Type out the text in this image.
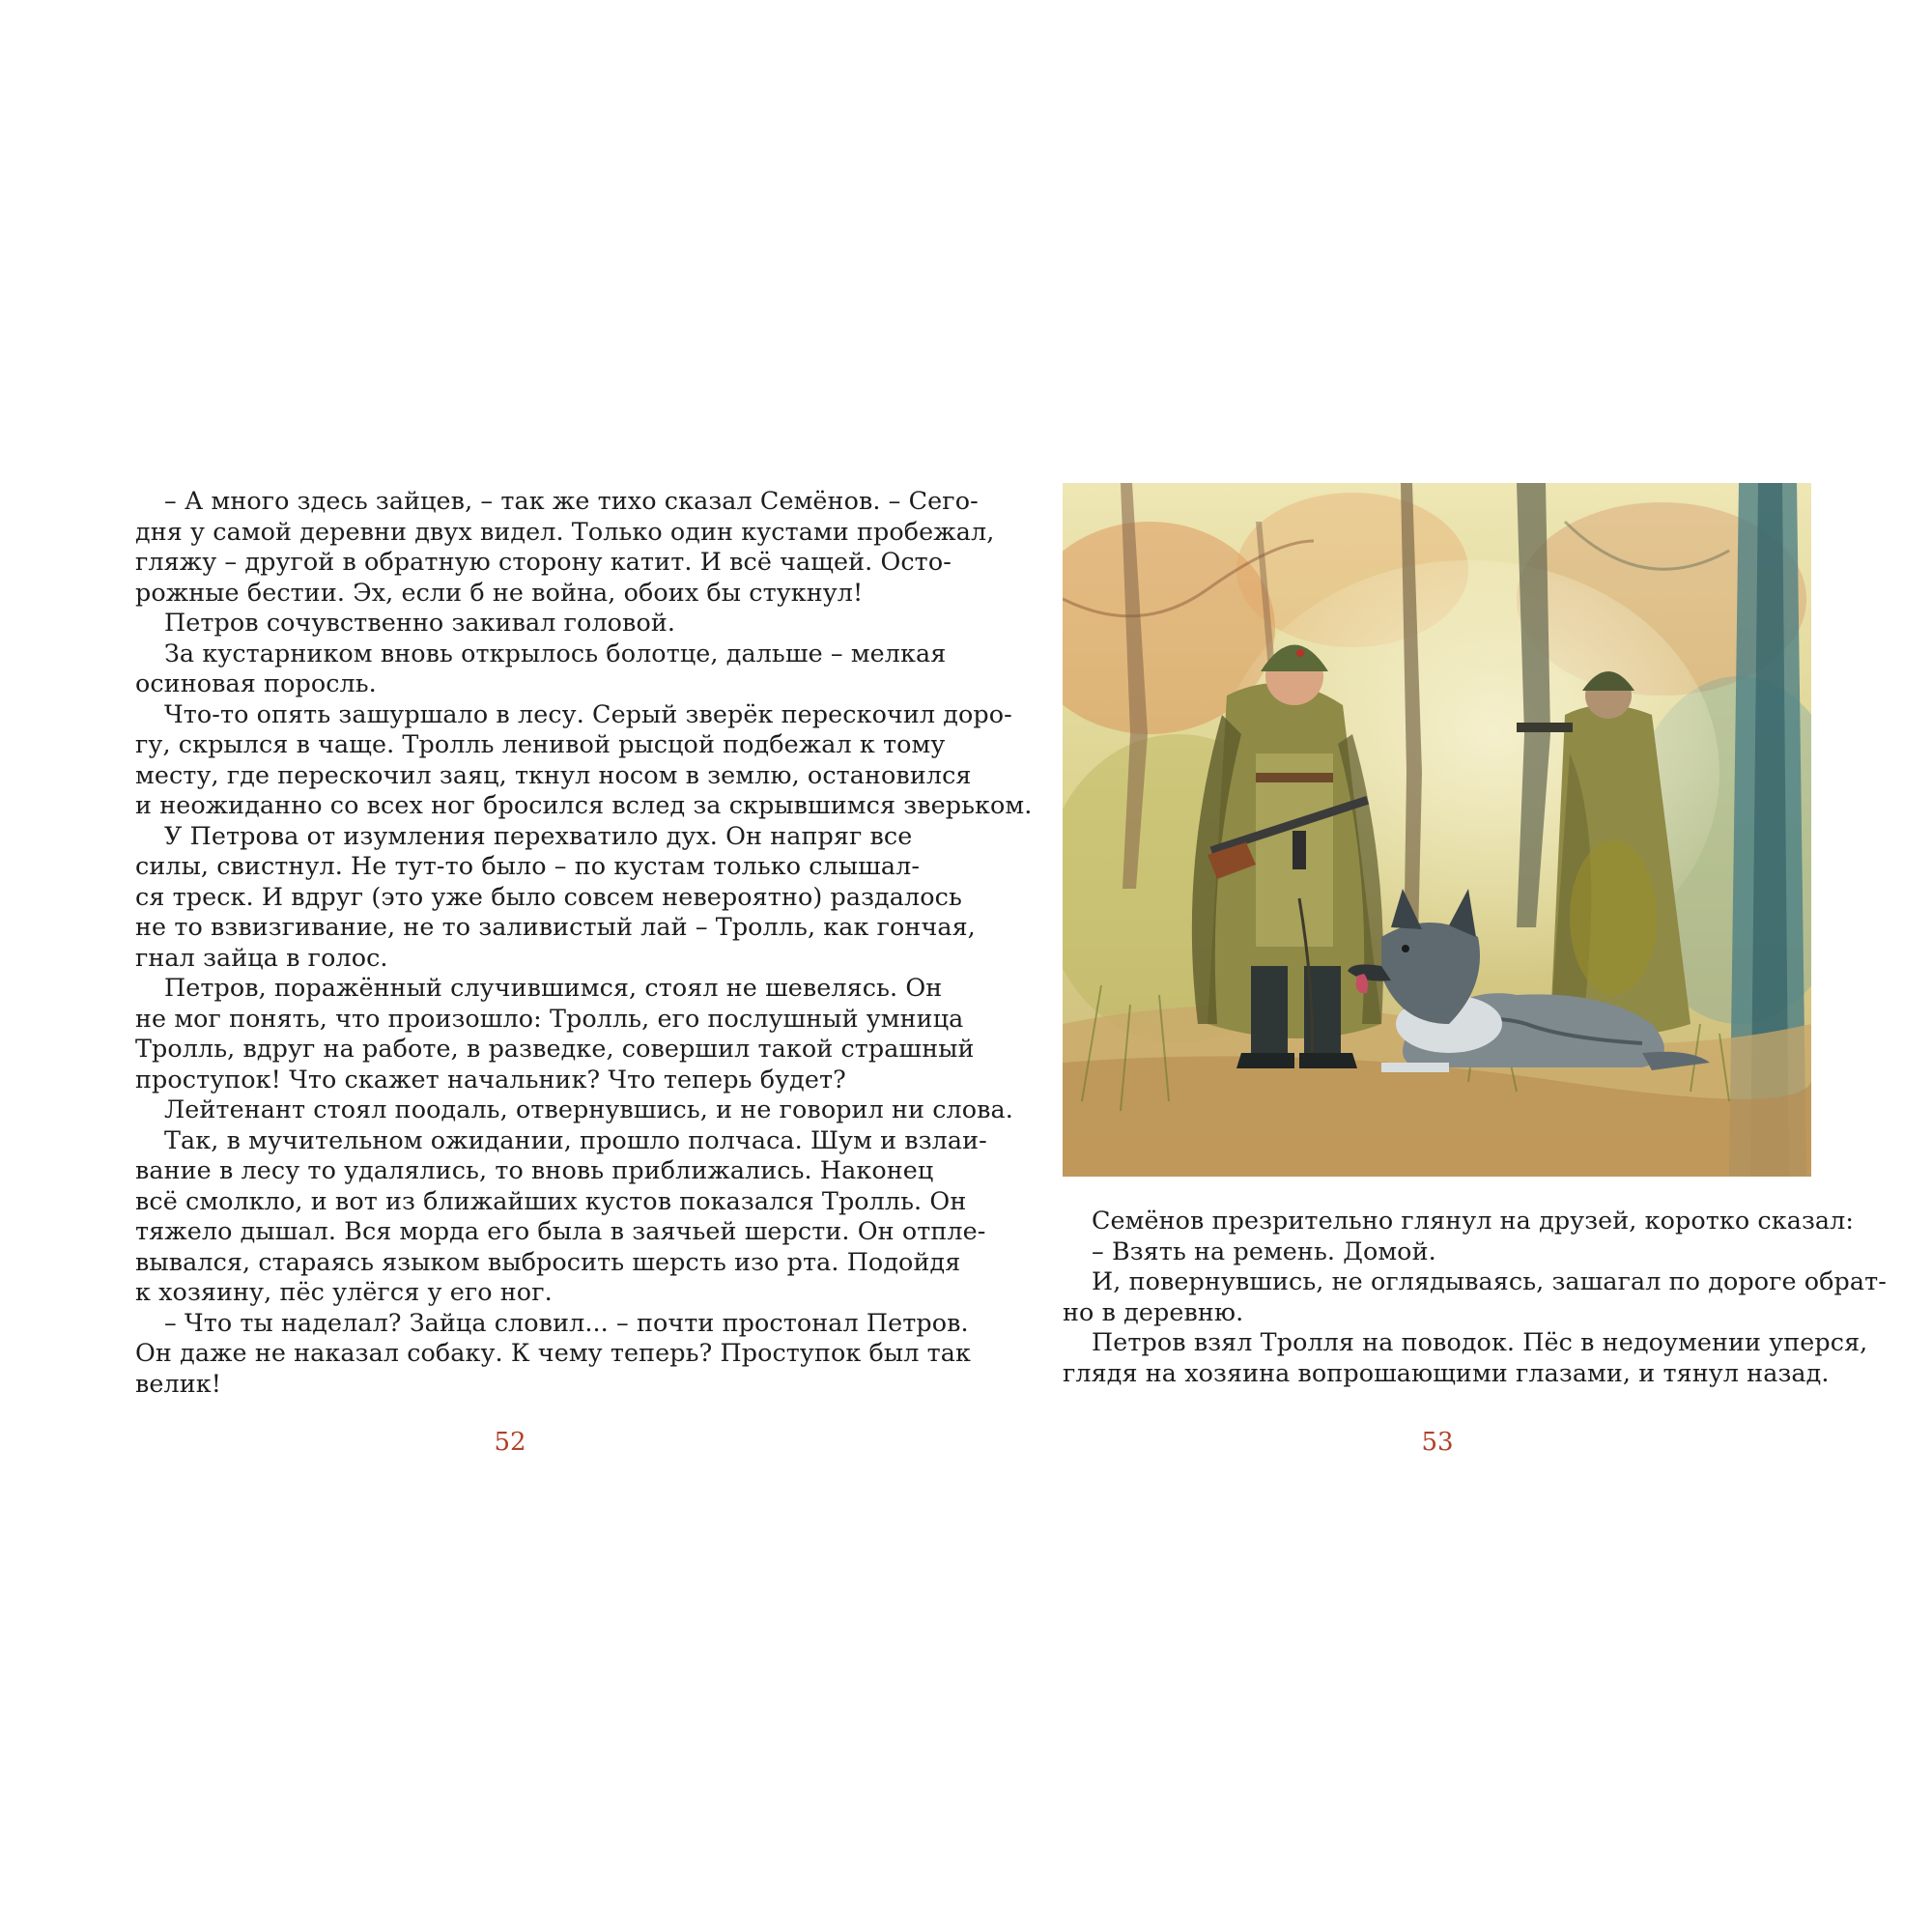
– А много здесь зайцев, – так же тихо сказал Семёнов. – Сего-
дня у самой деревни двух видел. Только один кустами пробежал,
гляжу – другой в обратную сторону катит. И всё чащей. Осто-
рожные бестии. Эх, если б не война, обоих бы стукнул!
Петров сочувственно закивал головой.
За кустарником вновь открылось болотце, дальше – мелкая
осиновая поросль.
Что-то опять зашуршало в лесу. Серый зверёк перескочил доро-
гу, скрылся в чаще. Тролль ленивой рысцой подбежал к тому
месту, где перескочил заяц, ткнул носом в землю, остановился
и неожиданно со всех ног бросился вслед за скрывшимся зверьком.
У Петрова от изумления перехватило дух. Он напряг все
силы, свистнул. Не тут-то было – по кустам только слышал-
ся треск. И вдруг (это уже было совсем невероятно) раздалось
не то взвизгивание, не то заливистый лай – Тролль, как гончая,
гнал зайца в голос.
Петров, поражённый случившимся, стоял не шевелясь. Он
не мог понять, что произошло: Тролль, его послушный умница
Тролль, вдруг на работе, в разведке, совершил такой страшный
проступок! Что скажет начальник? Что теперь будет?
Лейтенант стоял поодаль, отвернувшись, и не говорил ни слова.
Так, в мучительном ожидании, прошло полчаса. Шум и взлаи-
вание в лесу то удалялись, то вновь приближались. Наконец
всё смолкло, и вот из ближайших кустов показался Тролль. Он
тяжело дышал. Вся морда его была в заячьей шерсти. Он отпле-
вывался, стараясь языком выбросить шерсть изо рта. Подойдя
к хозяину, пёс улёгся у его ног.
– Что ты наделал? Зайца словил... – почти простонал Петров.
Он даже не наказал собаку. К чему теперь? Проступок был так
велик!
52
Семёнов презрительно глянул на друзей, коротко сказал:
– Взять на ремень. Домой.
И, повернувшись, не оглядываясь, зашагал по дороге обрат-
но в деревню.
Петров взял Тролля на поводок. Пёс в недоумении уперся,
глядя на хозяина вопрошающими глазами, и тянул назад.
53
